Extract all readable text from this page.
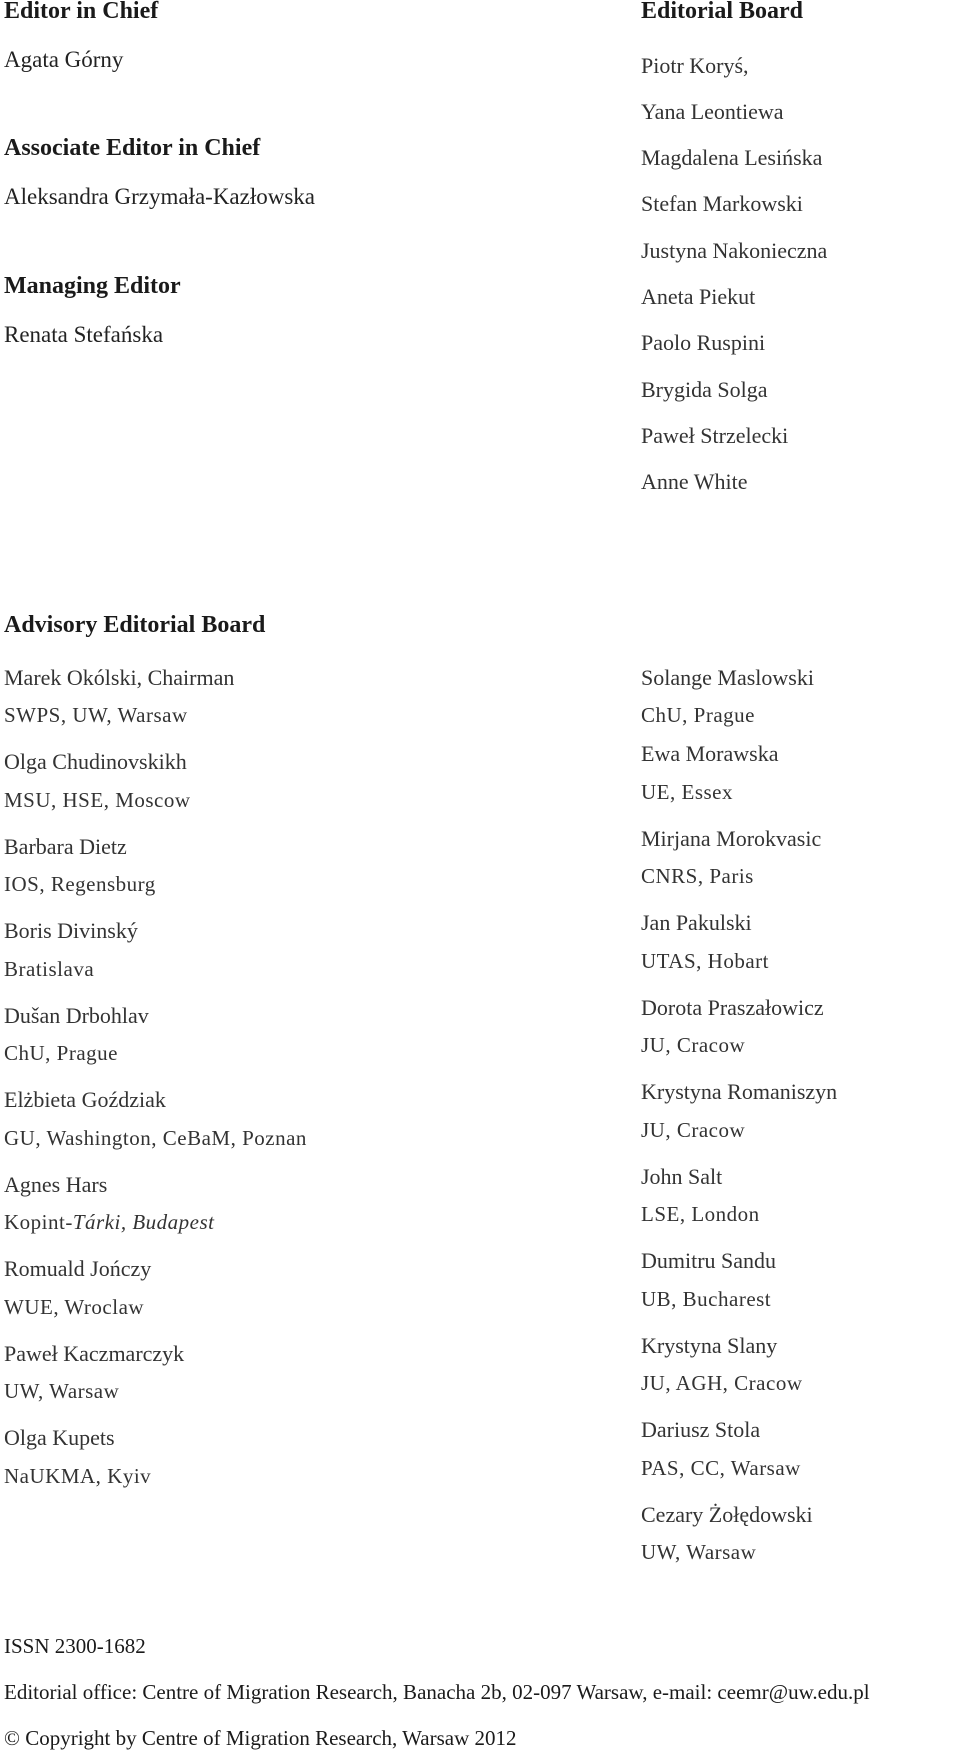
Editor in Chief
Agata Górny
Associate Editor in Chief
Aleksandra Grzymała-Kazłowska
Managing Editor
Renata Stefańska
Editorial Board
Piotr Koryś,
Yana Leontiewa
Magdalena Lesińska
Stefan Markowski
Justyna Nakonieczna
Aneta Piekut
Paolo Ruspini
Brygida Solga
Paweł Strzelecki
Anne White
Advisory Editorial Board
Marek Okólski, Chairman
SWPS, UW, Warsaw
Olga Chudinovskikh
MSU, HSE, Moscow
Barbara Dietz
IOS, Regensburg
Boris Divinský
Bratislava
Dušan Drbohlav
ChU, Prague
Elżbieta Goździak
GU, Washington, CeBaM, Poznan
Agnes Hars
Kopint-Tárki, Budapest
Romuald Jończy
WUE, Wroclaw
Paweł Kaczmarczyk
UW, Warsaw
Olga Kupets
NaUKMA, Kyiv
Solange Maslowski
ChU, Prague
Ewa Morawska
UE, Essex
Mirjana Morokvasic
CNRS, Paris
Jan Pakulski
UTAS, Hobart
Dorota Praszałowicz
JU, Cracow
Krystyna Romaniszyn
JU, Cracow
John Salt
LSE, London
Dumitru Sandu
UB, Bucharest
Krystyna Slany
JU, AGH, Cracow
Dariusz Stola
PAS, CC, Warsaw
Cezary Żołędowski
UW, Warsaw
ISSN 2300-1682
Editorial office: Centre of Migration Research, Banacha 2b, 02-097 Warsaw, e-mail: ceemr@uw.edu.pl
© Copyright by Centre of Migration Research, Warsaw 2012
